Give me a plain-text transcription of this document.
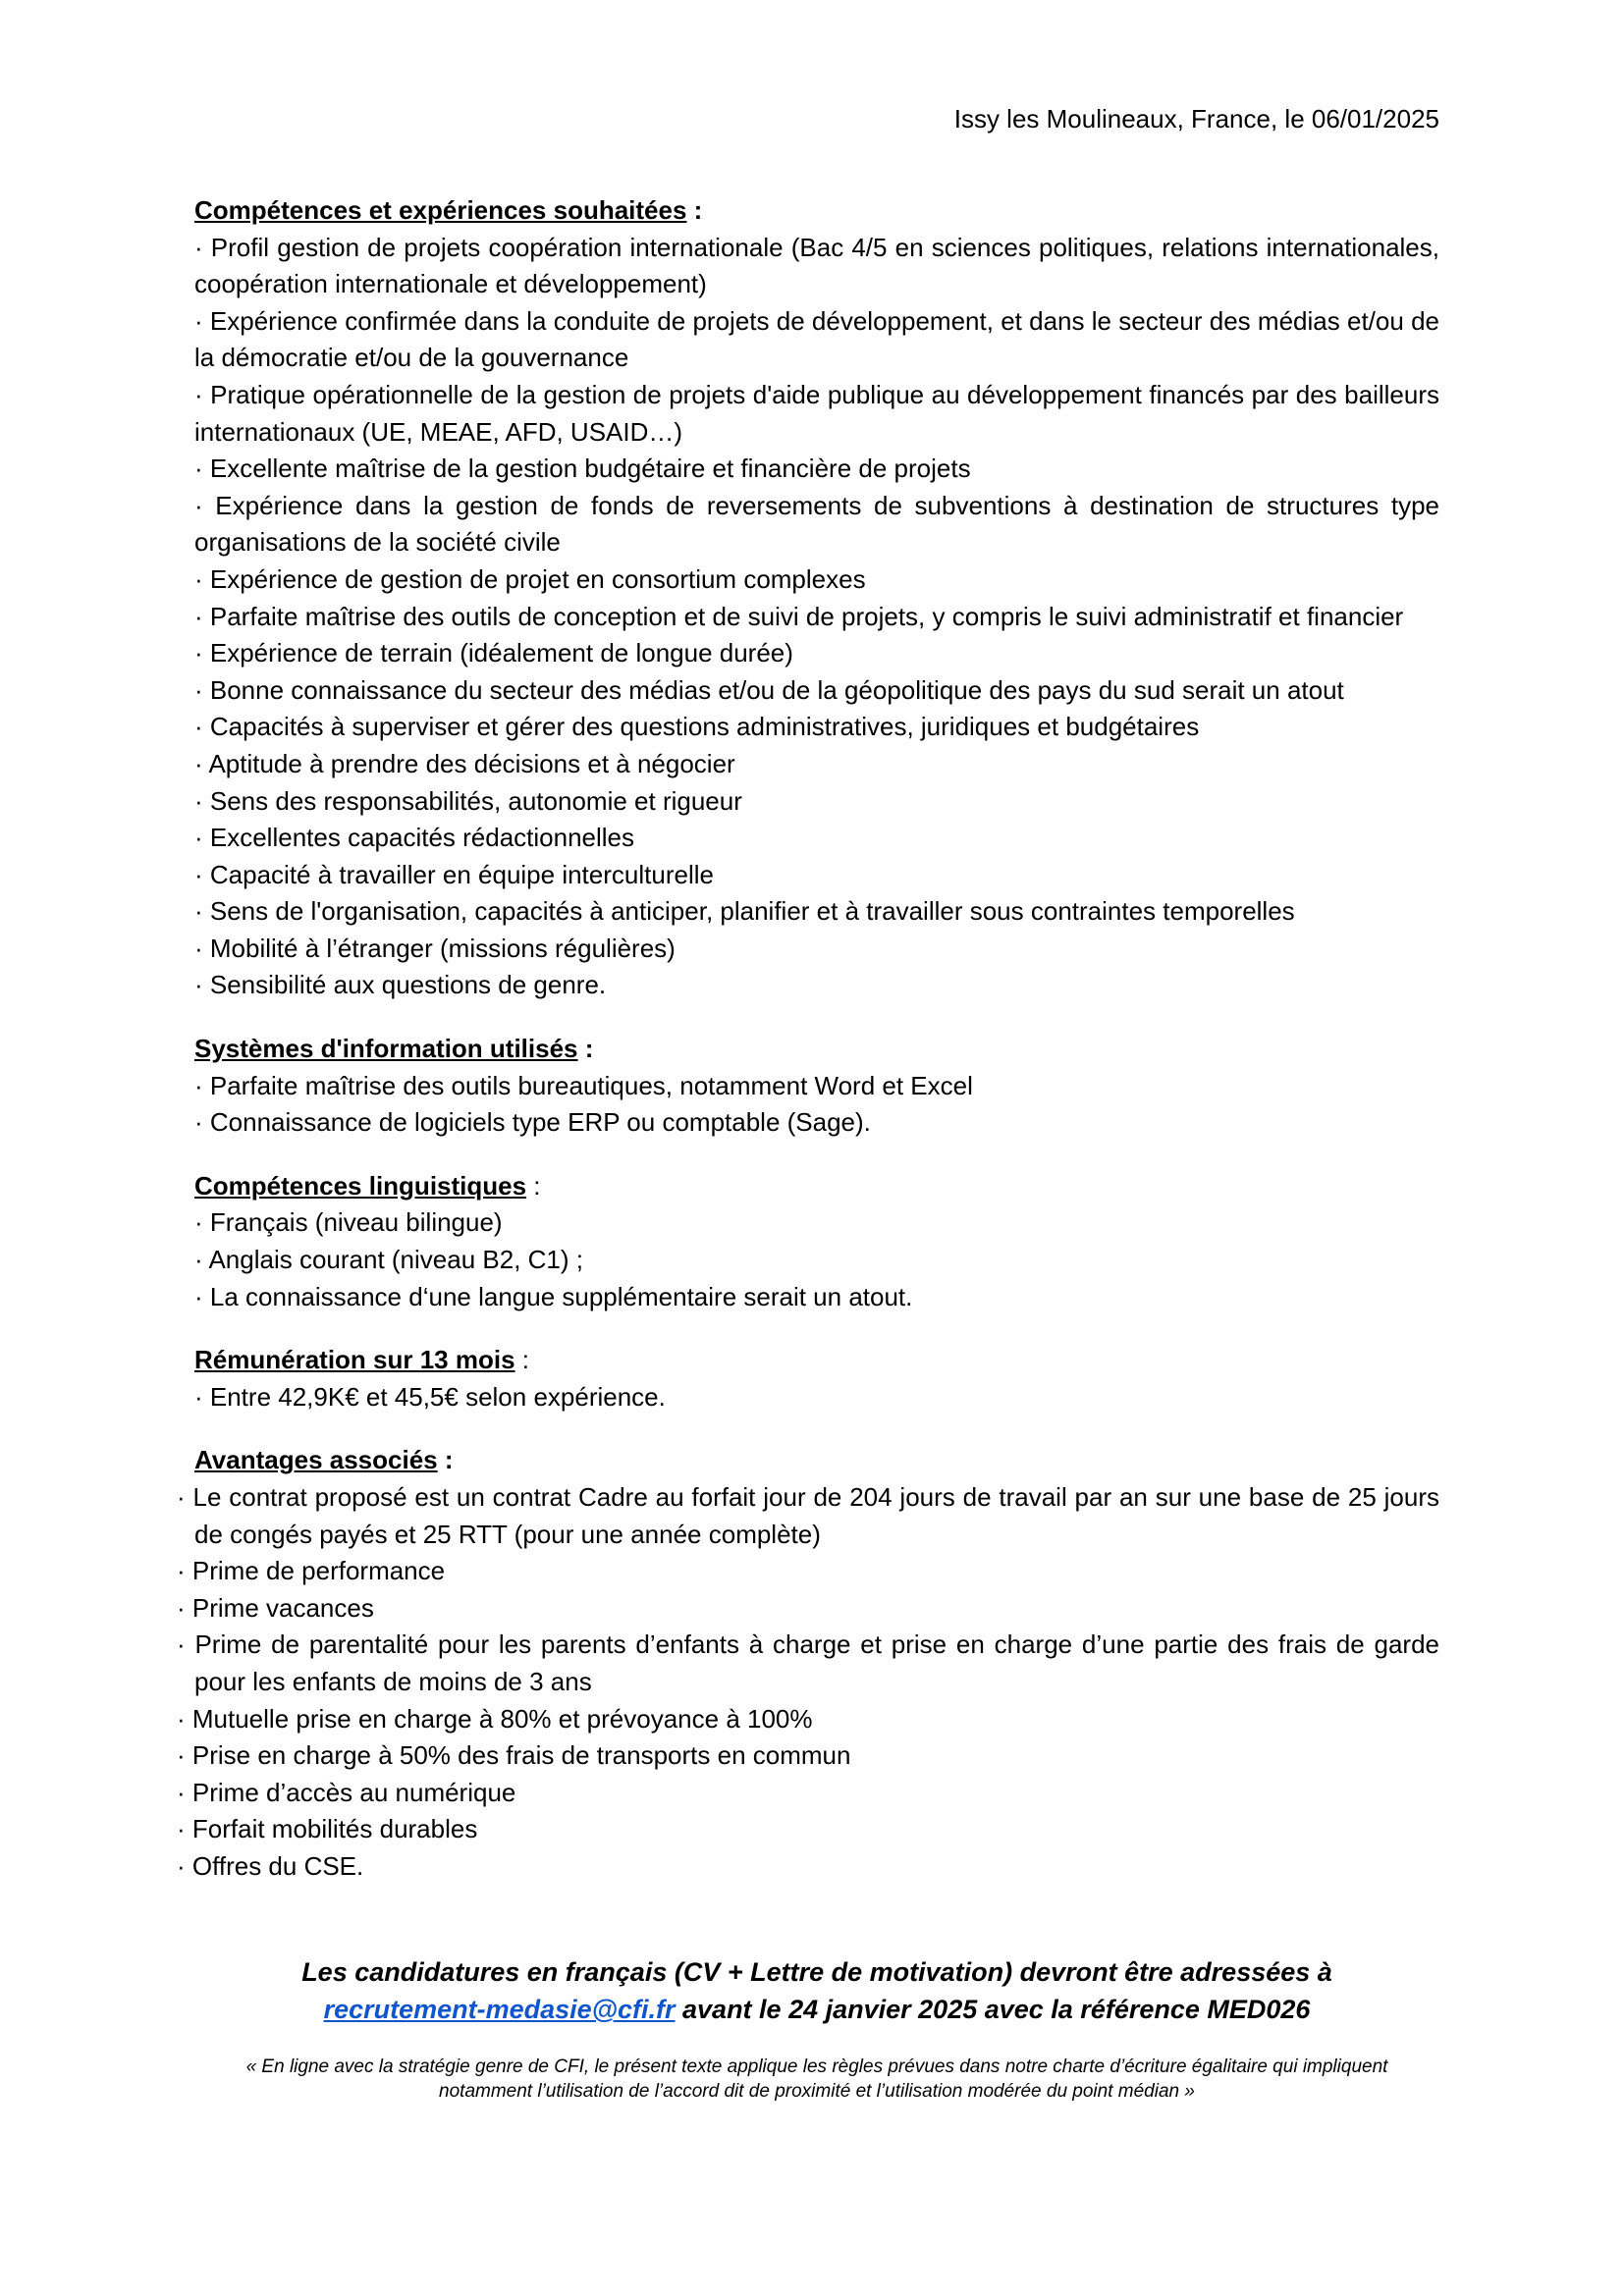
Issy les Moulineaux, France, le 06/01/2025

Compétences et expériences souhaitées :

· Profil gestion de projets coopération internationale (Bac 4/5 en sciences politiques, relations internationales, coopération internationale et développement)

· Expérience confirmée dans la conduite de projets de développement, et dans le secteur des médias et/ou de la démocratie et/ou de la gouvernance

· Pratique opérationnelle de la gestion de projets d'aide publique au développement financés par des bailleurs internationaux (UE, MEAE, AFD, USAID…)

· Excellente maîtrise de la gestion budgétaire et financière de projets

· Expérience dans la gestion de fonds de reversements de subventions à destination de structures type organisations de la société civile

· Expérience de gestion de projet en consortium complexes

· Parfaite maîtrise des outils de conception et de suivi de projets, y compris le suivi administratif et financier

· Expérience de terrain (idéalement de longue durée)

· Bonne connaissance du secteur des médias et/ou de la géopolitique des pays du sud serait un atout

· Capacités à superviser et gérer des questions administratives, juridiques et budgétaires

· Aptitude à prendre des décisions et à négocier

· Sens des responsabilités, autonomie et rigueur

· Excellentes capacités rédactionnelles

· Capacité à travailler en équipe interculturelle

· Sens de l'organisation, capacités à anticiper, planifier et à travailler sous contraintes temporelles

· Mobilité à l’étranger (missions régulières)

· Sensibilité aux questions de genre.

Systèmes d'information utilisés :

· Parfaite maîtrise des outils bureautiques, notamment Word et Excel

· Connaissance de logiciels type ERP ou comptable (Sage).

Compétences linguistiques :

· Français (niveau bilingue)

· Anglais courant (niveau B2, C1) ;

· La connaissance d‘une langue supplémentaire serait un atout.

Rémunération sur 13 mois :

· Entre 42,9K€ et 45,5€ selon expérience.

Avantages associés :

· Le contrat proposé est un contrat Cadre au forfait jour de 204 jours de travail par an sur une base de 25 jours de congés payés et 25 RTT (pour une année complète)

· Prime de performance

· Prime vacances

· Prime de parentalité pour les parents d’enfants à charge et prise en charge d’une partie des frais de garde pour les enfants de moins de 3 ans

· Mutuelle prise en charge à 80% et prévoyance à 100%

· Prise en charge à 50% des frais de transports en commun

· Prime d’accès au numérique

· Forfait mobilités durables

· Offres du CSE.

Les candidatures en français (CV + Lettre de motivation) devront être adressées à
recrutement-medasie@cfi.fr avant le 24 janvier 2025 avec la référence MED026
« En ligne avec la stratégie genre de CFI, le présent texte applique les règles prévues dans notre charte d’écriture égalitaire qui impliquent
notamment l’utilisation de l’accord dit de proximité et l’utilisation modérée du point médian »
